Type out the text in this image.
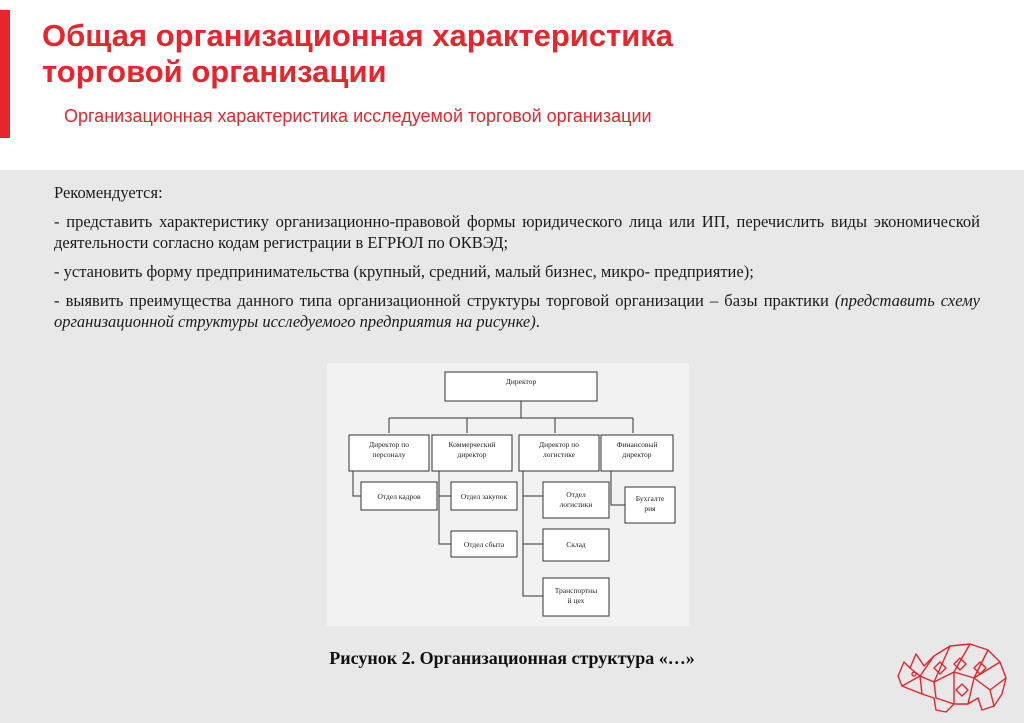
Общая организационная характеристика
торговой организации

Организационная характеристика исследуемой торговой организации

Рекомендуется:

- представить характеристику организационно-правовой формы юридического лица или ИП, перечислить виды экономической деятельности согласно кодам регистрации в ЕГРЮЛ по ОКВЭД;

- установить форму предпринимательства (крупный, средний, малый бизнес, микро- предприятие);

- выявить преимущества данного типа организационной структуры торговой организации – базы практики (представить схему организационной структуры исследуемого предприятия на рисунке).

Директор
Директор по
персоналу
Коммерческий
директор
Директор по
логистике
Финансовый
директор
Отдел кадров	Отдел закупок
Отдел сбыта
Отдел
логистики
Склад
Транспортны
й цех
Бухгалте
рия
Рисунок 2. Организационная структура «…»
